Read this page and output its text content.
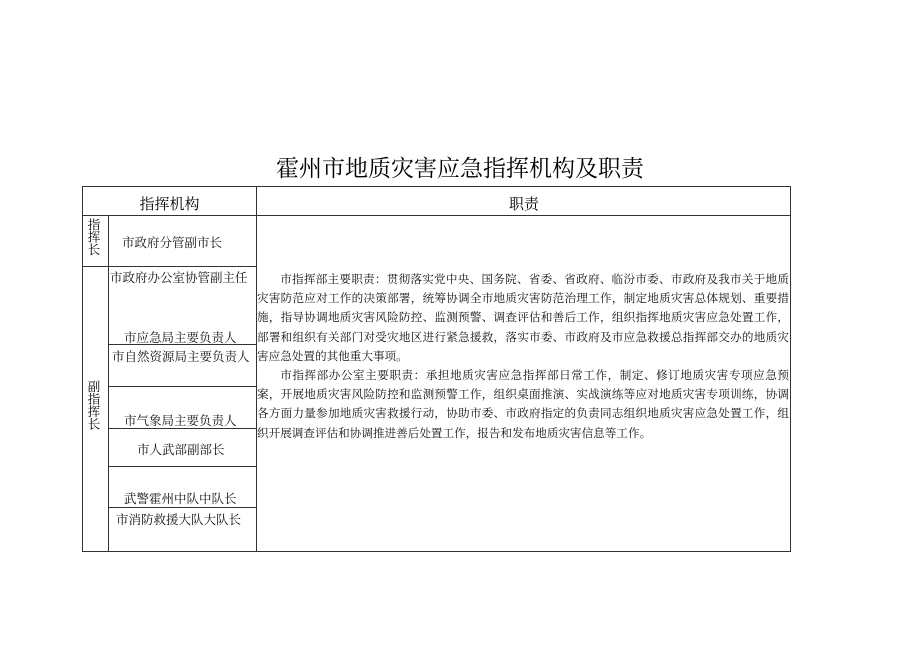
霍州市地质灾害应急指挥机构及职责
指挥机构	职责
指挥长
副指挥长
市政府分管副市长
市政府办公室协管副主任
市应急局主要负责人
市自然资源局主要负责人
市气象局主要负责人
市人武部副部长
武警霍州中队中队长
市消防救援大队大队长

市指挥部主要职责：贯彻落实党中央、国务院、省委、省政府、临汾市委、市政府及我市关于地质灾害防范应对工作的决策部署，统筹协调全市地质灾害防范治理工作，制定地质灾害总体规划、重要措施，指导协调地质灾害风险防控、监测预警、调查评估和善后工作，组织指挥地质灾害应急处置工作，部署和组织有关部门对受灾地区进行紧急援救，落实市委、市政府及市应急救援总指挥部交办的地质灾害应急处置的其他重大事项。

市指挥部办公室主要职责：承担地质灾害应急指挥部日常工作，制定、修订地质灾害专项应急预案，开展地质灾害风险防控和监测预警工作，组织桌面推演、实战演练等应对地质灾害专项训练，协调各方面力量参加地质灾害救援行动，协助市委、市政府指定的负责同志组织地质灾害应急处置工作，组织开展调查评估和协调推进善后处置工作，报告和发布地质灾害信息等工作。
